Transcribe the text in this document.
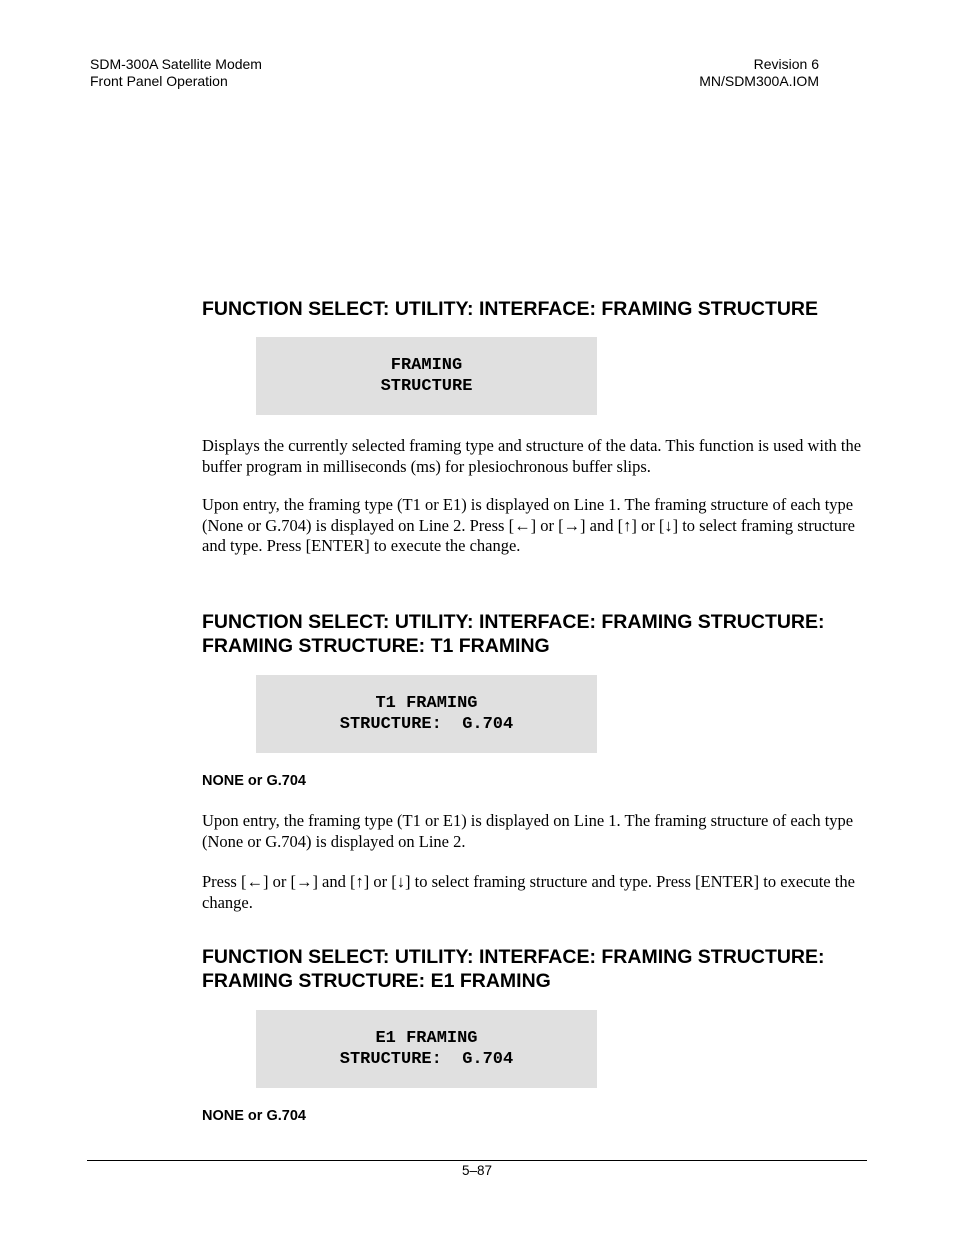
SDM-300A Satellite Modem
Front Panel Operation
Revision 6
MN/SDM300A.IOM
FUNCTION SELECT: UTILITY: INTERFACE: FRAMING STRUCTURE
FRAMING
STRUCTURE

Displays the currently selected framing type and structure of the data. This function is used with the buffer program in milliseconds (ms) for plesiochronous buffer slips.

Upon entry, the framing type (T1 or E1) is displayed on Line 1. The framing structure of each type (None or G.704) is displayed on Line 2. Press [←] or [→] and [↑] or [↓] to select framing structure and type. Press [ENTER] to execute the change.

FUNCTION SELECT: UTILITY: INTERFACE: FRAMING STRUCTURE:
FRAMING STRUCTURE: T1 FRAMING
T1 FRAMING
STRUCTURE:  G.704
NONE or G.704

Upon entry, the framing type (T1 or E1) is displayed on Line 1. The framing structure of each type (None or G.704) is displayed on Line 2.

Press [←] or [→] and [↑] or [↓] to select framing structure and type. Press [ENTER] to execute the change.

FUNCTION SELECT: UTILITY: INTERFACE: FRAMING STRUCTURE:
FRAMING STRUCTURE: E1 FRAMING
E1 FRAMING
STRUCTURE:  G.704
NONE or G.704
5–87
